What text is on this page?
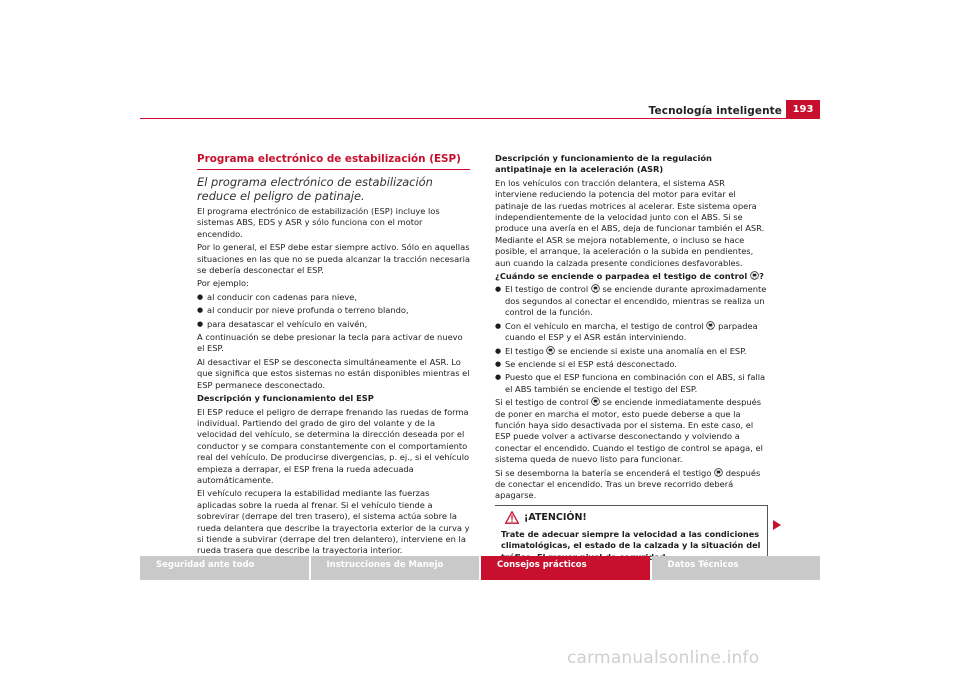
Tecnología inteligente	193
Programa electrónico de estabilización (ESP)
El programa electrónico de estabilización reduce el peligro de patinaje.
El programa electrónico de estabilización (ESP) incluye los sistemas ABS, EDS y ASR y sólo funciona con el motor encendido.
Por lo general, el ESP debe estar siempre activo. Sólo en aquellas situaciones en las que no se pueda alcanzar la tracción necesaria se debería desconectar el ESP.
Por ejemplo:
● al conducir con cadenas para nieve,
● al conducir por nieve profunda o terreno blando,
● para desatascar el vehículo en vaivén,
A continuación se debe presionar la tecla para activar de nuevo el ESP.
Al desactivar el ESP se desconecta simultáneamente el ASR. Lo que significa que estos sistemas no están disponibles mientras el ESP permanece desconectado.
Descripción y funcionamiento del ESP
El ESP reduce el peligro de derrape frenando las ruedas de forma individual. Partiendo del grado de giro del volante y de la velocidad del vehículo, se determina la dirección deseada por el conductor y se compara constantemente con el comportamiento real del vehículo. De producirse divergencias, p. ej., si el vehículo empieza a derrapar, el ESP frena la rueda adecuada automáticamente.
El vehículo recupera la estabilidad mediante las fuerzas aplicadas sobre la rueda al frenar. Si el vehículo tiende a sobrevirar (derrape del tren trasero), el sistema actúa sobre la rueda delantera que describe la trayectoria exterior de la curva y si tiende a subvirar (derrape del tren delantero), interviene en la rueda trasera que describe la trayectoria interior.
Descripción y funcionamiento de la regulación antipatinaje en la aceleración (ASR)
En los vehículos con tracción delantera, el sistema ASR interviene reduciendo la potencia del motor para evitar el patinaje de las ruedas motrices al acelerar. Este sistema opera independientemente de la velocidad junto con el ABS. Si se produce una avería en el ABS, deja de funcionar también el ASR. Mediante el ASR se mejora notablemente, o incluso se hace posible, el arranque, la aceleración o la subida en pendientes, aun cuando la calzada presente condiciones desfavorables.
¿Cuándo se enciende o parpadea el testigo de control ?
● El testigo de control se enciende durante aproximadamente dos segundos al conectar el encendido, mientras se realiza un control de la función.
● Con el vehículo en marcha, el testigo de control parpadea cuando el ESP y el ASR están interviniendo.
● El testigo se enciende si existe una anomalía en el ESP.
● Se enciende si el ESP está desconectado.
● Puesto que el ESP funciona en combinación con el ABS, si falla el ABS también se enciende el testigo del ESP.
Si el testigo de control se enciende inmediatamente después de poner en marcha el motor, esto puede deberse a que la función haya sido desactivada por el sistema. En este caso, el ESP puede volver a activarse desconectando y volviendo a conectar el encendido. Cuando el testigo de control se apaga, el sistema queda de nuevo listo para funcionar.
Si se desemborna la batería se encenderá el testigo después de conectar el encendido. Tras un breve recorrido deberá apagarse.
¡ATENCIÓN!
Trate de adecuar siempre la velocidad a las condiciones climatológicas, el estado de la calzada y la situación del
Seguridad ante todo	Instrucciones de Manejo	Consejos prácticos	Datos Técnicos
carmanualsonline.info
